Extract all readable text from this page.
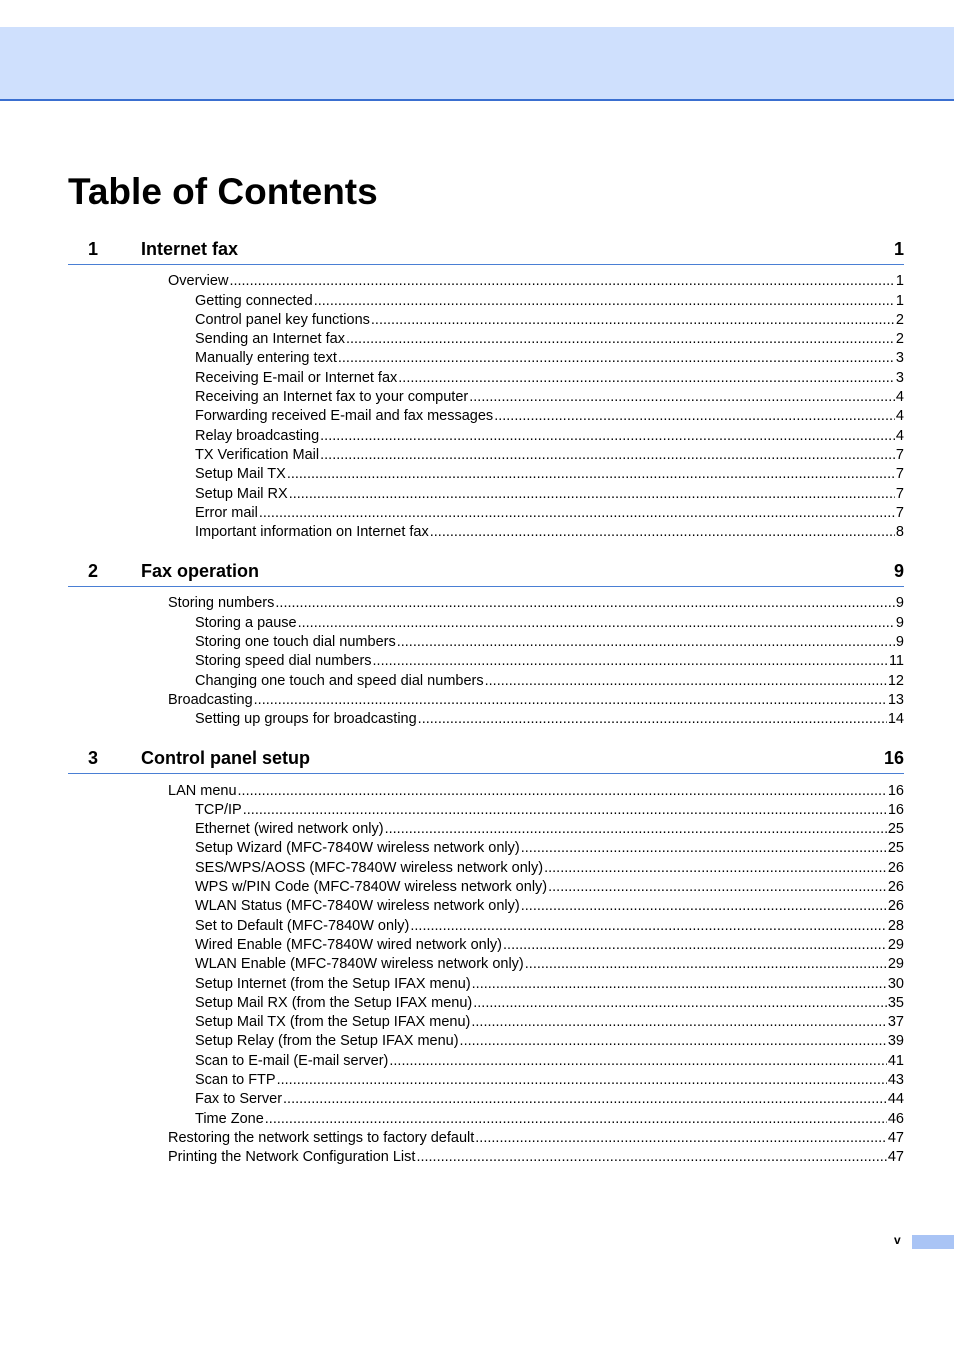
Table of Contents
1 Internet fax	1
Overview .....	1
Getting connected .....	1
Control panel key functions .....	2
Sending an Internet fax .....	2
Manually entering text .....	3
Receiving E-mail or Internet fax .....	3
Receiving an Internet fax to your computer .....	4
Forwarding received E-mail and fax messages .....	4
Relay broadcasting .....	4
TX Verification Mail .....	7
Setup Mail TX .....	7
Setup Mail RX .....	7
Error mail .....	7
Important information on Internet fax .....	8
2 Fax operation	9
Storing numbers .....	9
Storing a pause .....	9
Storing one touch dial numbers .....	9
Storing speed dial numbers .....	11
Changing one touch and speed dial numbers .....	12
Broadcasting .....	13
Setting up groups for broadcasting .....	14
3 Control panel setup	16
LAN menu .....	16
TCP/IP .....	16
Ethernet (wired network only) .....	25
Setup Wizard (MFC-7840W wireless network only) .....	25
SES/WPS/AOSS (MFC-7840W wireless network only) .....	26
WPS w/PIN Code (MFC-7840W wireless network only) .....	26
WLAN Status (MFC-7840W wireless network only) .....	26
Set to Default (MFC-7840W only) .....	28
Wired Enable (MFC-7840W wired network only) .....	29
WLAN Enable (MFC-7840W wireless network only) .....	29
Setup Internet (from the Setup IFAX menu) .....	30
Setup Mail RX (from the Setup IFAX menu) .....	35
Setup Mail TX (from the Setup IFAX menu) .....	37
Setup Relay (from the Setup IFAX menu) .....	39
Scan to E-mail (E-mail server) .....	41
Scan to FTP .....	43
Fax to Server .....	44
Time Zone .....	46
Restoring the network settings to factory default .....	47
Printing the Network Configuration List .....	47
v
